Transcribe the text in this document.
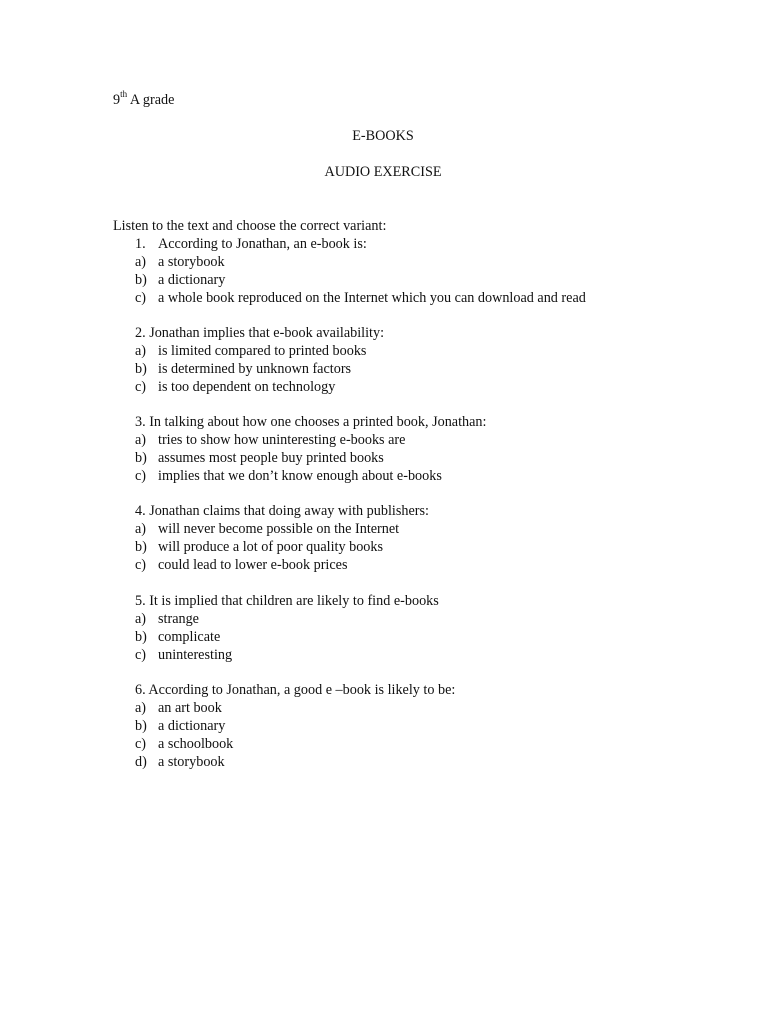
9th A grade
E-BOOKS
AUDIO EXERCISE
Listen to the text and choose the correct variant:
1. According to Jonathan, an e-book is:
a) a storybook
b) a dictionary
c) a whole book reproduced on the Internet which you can download and read
2. Jonathan implies that e-book availability:
a) is limited compared to printed books
b) is determined by unknown factors
c) is too dependent on technology
3. In talking about how one chooses a printed book, Jonathan:
a) tries to show how uninteresting e-books are
b) assumes most people buy printed books
c) implies that we don’t know enough about e-books
4. Jonathan claims that doing away with publishers:
a) will never become possible on the Internet
b) will produce a lot of poor quality books
c) could lead to lower e-book prices
5. It is implied that children are likely to find e-books
a) strange
b) complicate
c) uninteresting
6. According to Jonathan, a good e –book is likely to be:
a) an art book
b) a dictionary
c) a schoolbook
d) a storybook
